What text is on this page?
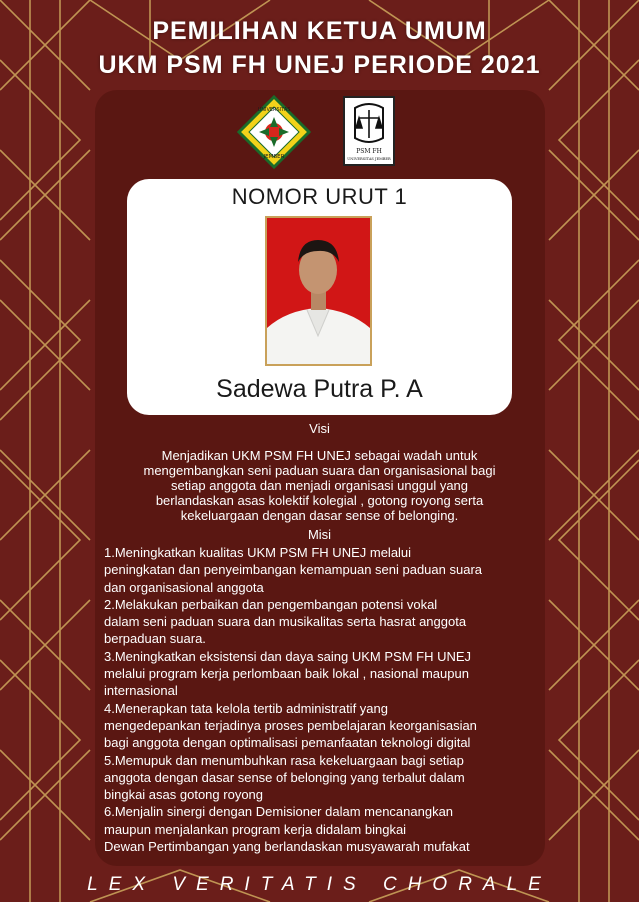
PEMILIHAN KETUA UMUM
UKM PSM FH UNEJ PERIODE 2021
UNIVERSITAS
JEMBER
PSM FH
UNIVERSITAS JEMBER
NOMOR URUT 1
Sadewa Putra P. A
Visi
Menjadikan UKM PSM FH UNEJ sebagai wadah untuk
mengembangkan seni paduan suara dan organisasional bagi
setiap anggota dan menjadi organisasi unggul yang
berlandaskan asas kolektif kolegial , gotong royong serta
kekeluargaan dengan dasar sense of belonging.
Misi
1.Meningkatkan kualitas UKM PSM FH UNEJ melalui
peningkatan dan penyeimbangan kemampuan seni paduan suara
dan organisasional anggota
2.Melakukan perbaikan dan pengembangan potensi vokal
dalam seni paduan suara dan musikalitas serta hasrat anggota
berpaduan suara.
3.Meningkatkan eksistensi dan daya saing UKM PSM FH UNEJ
melalui program kerja perlombaan baik lokal , nasional maupun
internasional
4.Menerapkan tata kelola tertib administratif yang
mengedepankan terjadinya proses pembelajaran keorganisasian
bagi anggota dengan optimalisasi pemanfaatan teknologi digital
5.Memupuk dan menumbuhkan rasa kekeluargaan bagi setiap
anggota dengan dasar sense of belonging yang terbalut dalam
bingkai asas gotong royong
6.Menjalin sinergi dengan Demisioner dalam mencanangkan
maupun menjalankan program kerja didalam bingkai
Dewan Pertimbangan yang berlandaskan musyawarah mufakat
LEX VERITATIS CHORALE
